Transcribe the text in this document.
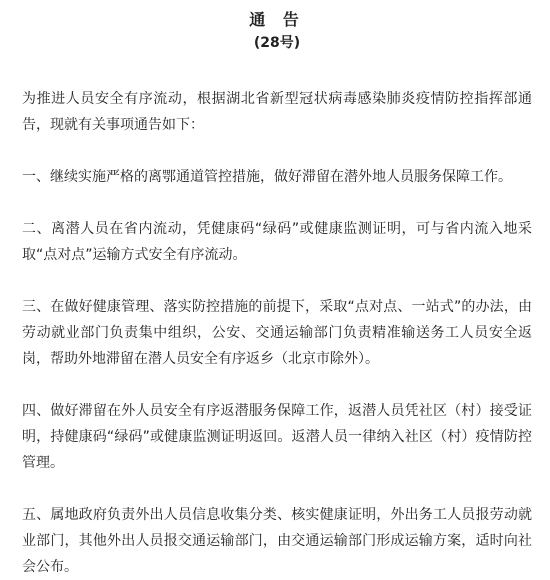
通 告
(28号)

为推进人员安全有序流动，根据湖北省新型冠状病毒感染肺炎疫情防控指挥部通告，现就有关事项通告如下：

一、继续实施严格的离鄂通道管控措施，做好滞留在潜外地人员服务保障工作。

二、离潜人员在省内流动，凭健康码“绿码”或健康监测证明，可与省内流入地采取“点对点”运输方式安全有序流动。

三、在做好健康管理、落实防控措施的前提下，采取“点对点、一站式”的办法，由劳动就业部门负责集中组织，公安、交通运输部门负责精准输送务工人员安全返岗，帮助外地滞留在潜人员安全有序返乡（北京市除外）。

四、做好滞留在外人员安全有序返潜服务保障工作，返潜人员凭社区（村）接受证明，持健康码“绿码”或健康监测证明返回。返潜人员一律纳入社区（村）疫情防控管理。

五、属地政府负责外出人员信息收集分类、核实健康证明，外出务工人员报劳动就业部门，其他外出人员报交通运输部门，由交通运输部门形成运输方案，适时向社会公布。
